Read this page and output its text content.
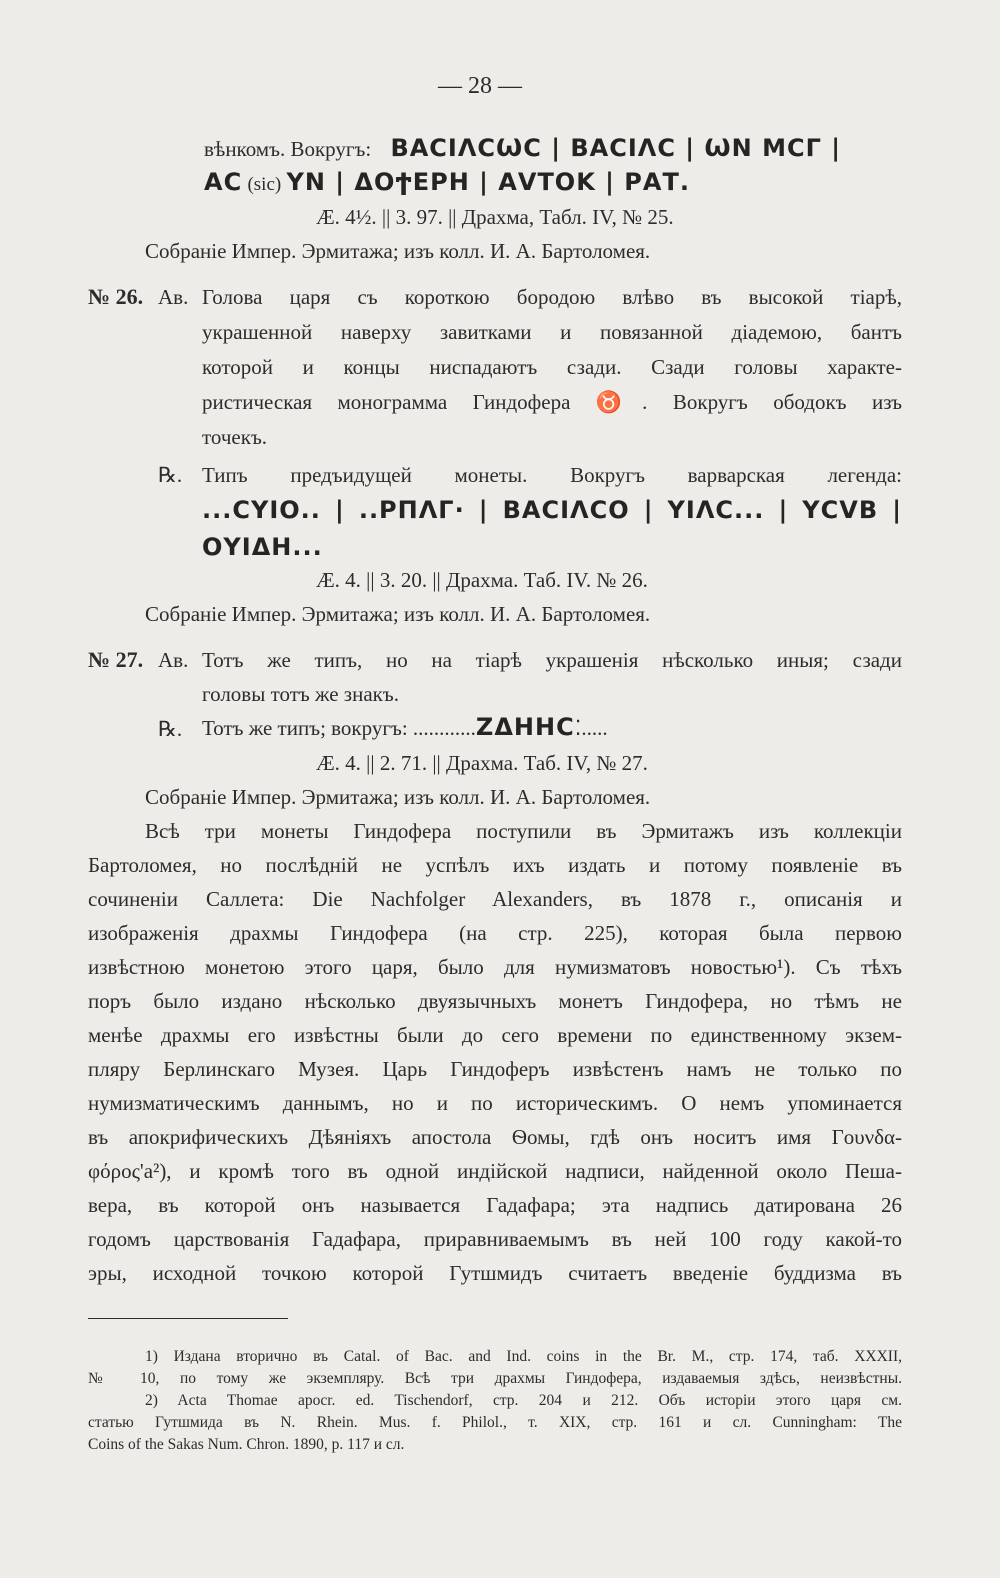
— 28 —
вѣнкомъ. Вокругъ: ΒΑϹΙΛϹѠϹ | ΒΑϹΙΛϹ | ѠΝ ΜϹΓ |
ΑϹ (sic) ΥΝ | ΔΟϮΕΡΗ | ΑVΤΟΚ | ΡΑΤ.
Æ. 4½. || 3. 97. || Драхма, Табл. IV, № 25.
Собраніе Импер. Эрмитажа; изъ колл. И. А. Бартоломея.
№ 26. Ав. Голова царя съ короткою бородою влѣво въ высокой тіарѣ,
украшенной наверху завитками и повязанной діадемою, бантъ
которой и концы ниспадаютъ сзади. Сзади головы характе-
ристическая монограмма Гиндофера ♉. Вокругъ ободокъ изъ
точекъ.
℞. Типъ предъидущей монеты. Вокругъ варварская легенда:
...ϹΥΙΟ.. | ..ΡΠΛΓ· | ΒΑϹΙΛϹΟ | ΥΙΛϹ... | ΥϹVΒ |
ΟΥΙΔΗ...
Æ. 4. || 3. 20. || Драхма. Таб. IV. № 26.
Собраніе Импер. Эрмитажа; изъ колл. И. А. Бартоломея.
№ 27. Ав. Тотъ же типъ, но на тіарѣ украшенія нѣсколько иныя; сзади
головы тотъ же знакъ.
℞. Тотъ же типъ; вокругъ: ............ΖΔΗΗϹ⁚.....
Æ. 4. || 2. 71. || Драхма. Таб. IV, № 27.
Собраніе Импер. Эрмитажа; изъ колл. И. А. Бартоломея.
Всѣ три монеты Гиндофера поступили въ Эрмитажъ изъ коллекціи
Бартоломея, но послѣдній не успѣлъ ихъ издать и потому появленіе въ
сочиненіи Саллета: Die Nachfolger Alexanders, въ 1878 г., описанія и
изображенія драхмы Гиндофера (на стр. 225), которая была первою
извѣстною монетою этого царя, было для нумизматовъ новостью¹). Съ тѣхъ
поръ было издано нѣсколько двуязычныхъ монетъ Гиндофера, но тѣмъ не
менѣе драхмы его извѣстны были до сего времени по единственному экзем-
пляру Берлинскаго Музея. Царь Гиндоферъ извѣстенъ намъ не только по
нумизматическимъ даннымъ, но и по историческимъ. О немъ упоминается
въ апокрифическихъ Дѣяніяхъ апостола Ѳомы, гдѣ онъ носитъ имя Γουνδα-
φόρος'а²), и кромѣ того въ одной индійской надписи, найденной около Пеша-
вера, въ которой онъ называется Гадафара; эта надпись датирована 26
годомъ царствованія Гадафара, приравниваемымъ въ ней 100 году какой-то
эры, исходной точкою которой Гутшмидъ считаетъ введеніе буддизма въ
1) Издана вторично въ Catal. of Bac. and Ind. coins in the Br. M., стр. 174, таб. XXXII,
№ 10, по тому же экземпляру. Всѣ три драхмы Гиндофера, издаваемыя здѣсь, неизвѣстны.
2) Acta Thomae apocr. ed. Tischendorf, стр. 204 и 212. Объ исторіи этого царя см.
статью Гутшмида въ N. Rhein. Mus. f. Philol., т. XIX, стр. 161 и сл. Cunningham: The
Coins of the Sakas Num. Chron. 1890, p. 117 и сл.
